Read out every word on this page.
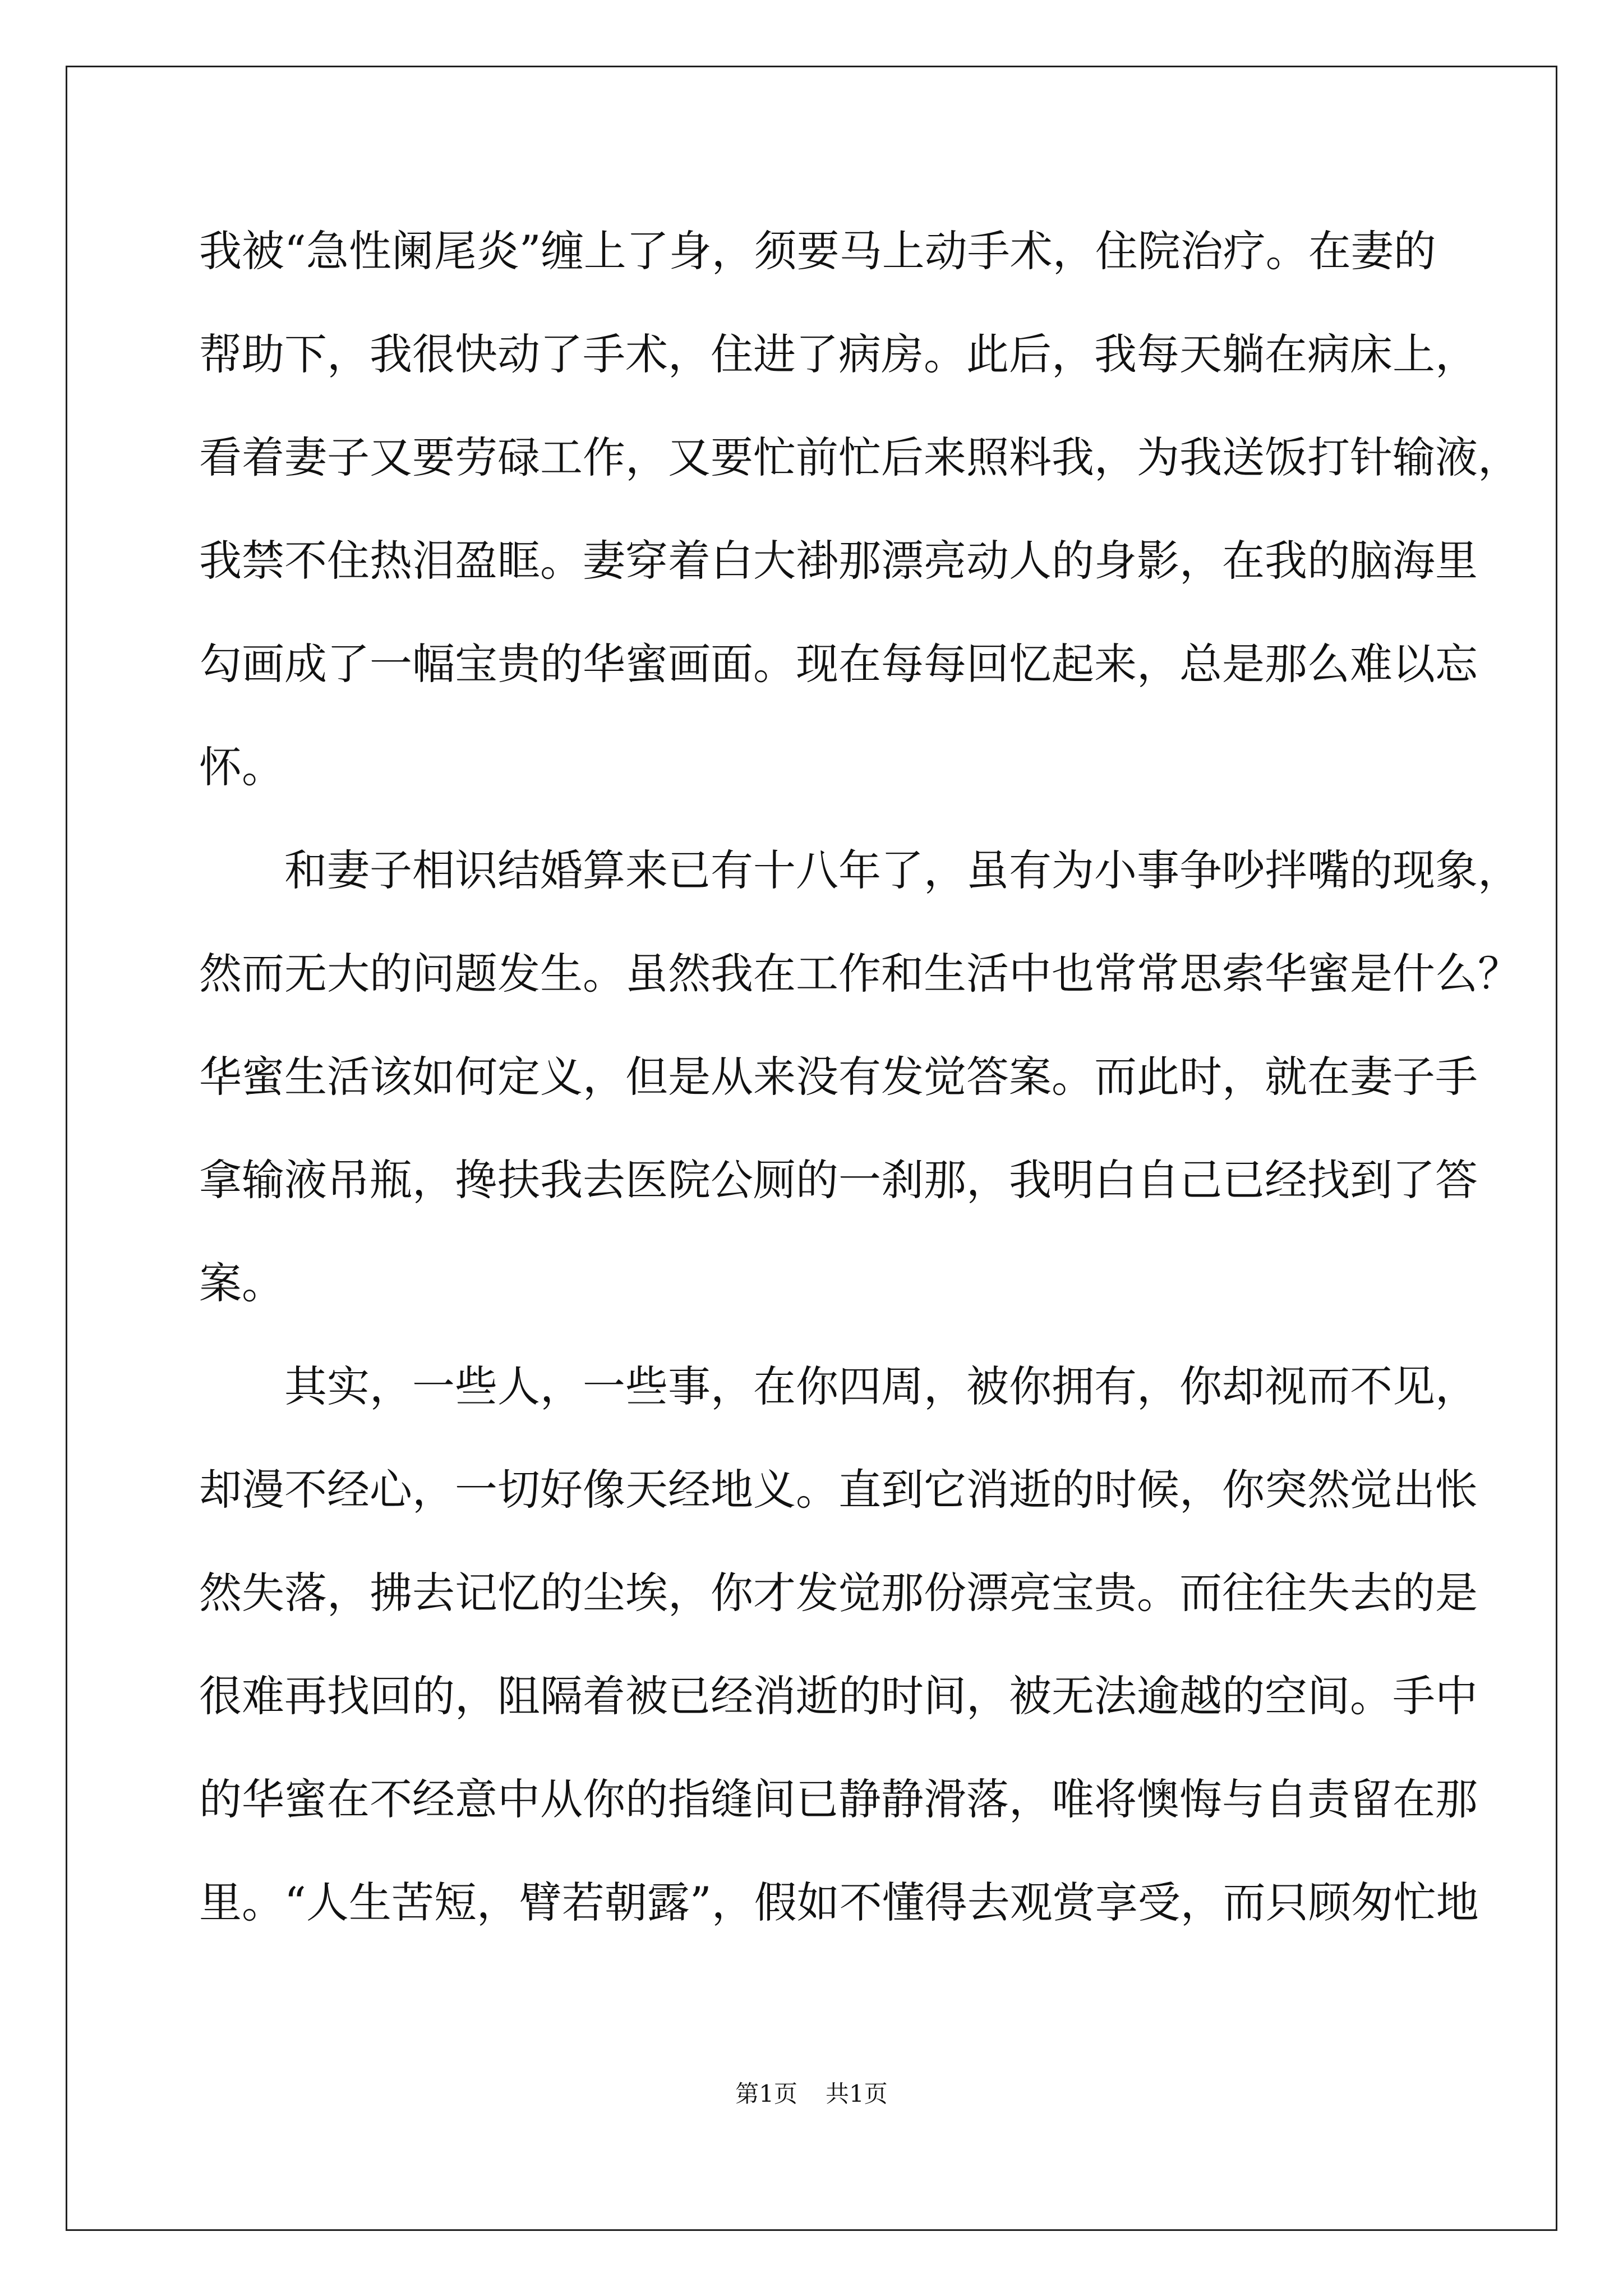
我被“急性阑尾炎”缠上了身，须要马上动手术，住院治疗。在妻的
帮助下，我很快动了手术，住进了病房。此后，我每天躺在病床上，
看着妻子又要劳碌工作，又要忙前忙后来照料我，为我送饭打针输液，
我禁不住热泪盈眶。妻穿着白大褂那漂亮动人的身影，在我的脑海里
勾画成了一幅宝贵的华蜜画面。现在每每回忆起来，总是那么难以忘
怀。
　　和妻子相识结婚算来已有十八年了，虽有为小事争吵拌嘴的现象，
然而无大的问题发生。虽然我在工作和生活中也常常思索华蜜是什么？
华蜜生活该如何定义，但是从来没有发觉答案。而此时，就在妻子手
拿输液吊瓶，搀扶我去医院公厕的一刹那，我明白自己已经找到了答
案。
　　其实，一些人，一些事，在你四周，被你拥有，你却视而不见，
却漫不经心，一切好像天经地义。直到它消逝的时候，你突然觉出怅
然失落，拂去记忆的尘埃，你才发觉那份漂亮宝贵。而往往失去的是
很难再找回的，阻隔着被已经消逝的时间，被无法逾越的空间。手中
的华蜜在不经意中从你的指缝间已静静滑落，唯将懊悔与自责留在那
里。“人生苦短，臂若朝露”，假如不懂得去观赏享受，而只顾匆忙地
第1页 共1页
